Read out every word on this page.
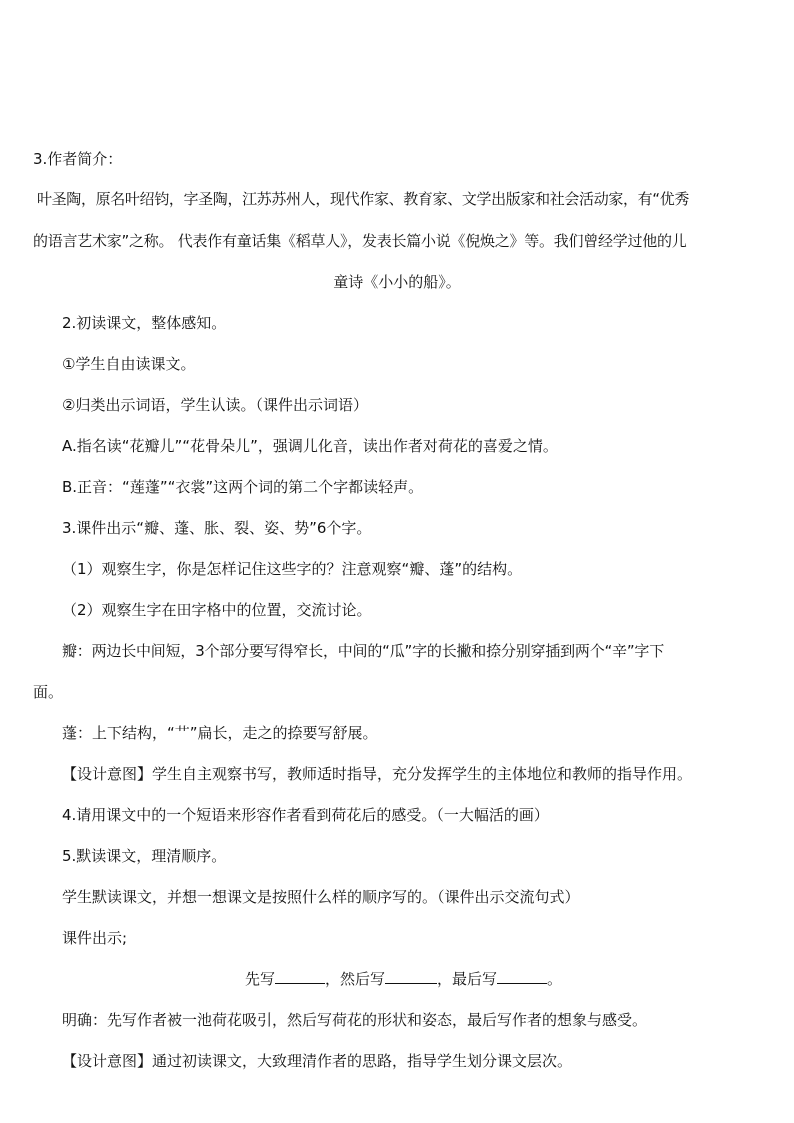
3.作者简介：
叶圣陶，原名叶绍钧，字圣陶，江苏苏州人，现代作家、教育家、文学出版家和社会活动家，有“优秀
的语言艺术家”之称。 代表作有童话集《稻草人》，发表长篇小说《倪焕之》等。我们曾经学过他的儿
童诗《小小的船》。
2.初读课文，整体感知。
①学生自由读课文。
②归类出示词语，学生认读。（课件出示词语）
A.指名读“花瓣儿”“花骨朵儿”，强调儿化音，读出作者对荷花的喜爱之情。
B.正音：“莲蓬”“衣裳”这两个词的第二个字都读轻声。
3.课件出示“瓣、蓬、胀、裂、姿、势”6个字。
（1）观察生字，你是怎样记住这些字的？注意观察“瓣、蓬”的结构。
（2）观察生字在田字格中的位置，交流讨论。
瓣：两边长中间短，3个部分要写得窄长，中间的“瓜”字的长撇和捺分别穿插到两个“辛”字下
面。
蓬：上下结构，“艹”扁长，走之的捺要写舒展。
【设计意图】学生自主观察书写，教师适时指导，充分发挥学生的主体地位和教师的指导作用。
4.请用课文中的一个短语来形容作者看到荷花后的感受。（一大幅活的画）
5.默读课文，理清顺序。
学生默读课文，并想一想课文是按照什么样的顺序写的。（课件出示交流句式）
课件出示;
先写	，然后写	，最后写	。
明确：先写作者被一池荷花吸引，然后写荷花的形状和姿态，最后写作者的想象与感受。
【设计意图】通过初读课文，大致理清作者的思路，指导学生划分课文层次。
